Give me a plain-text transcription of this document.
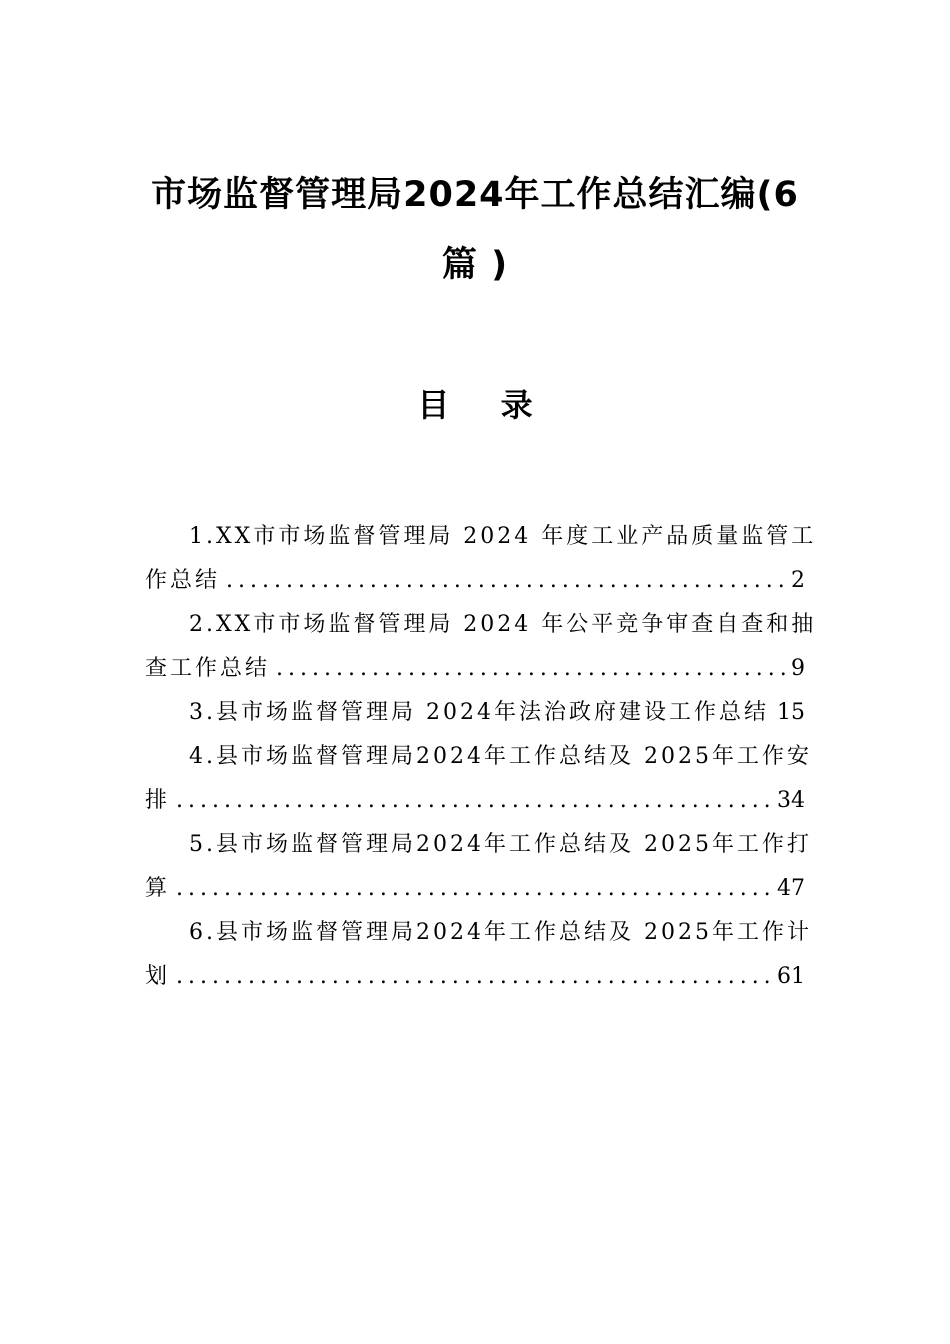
市场监督管理局2024年工作总结汇编(6
篇 )
目 录
1.XX市市场监督管理局 2024 年度工业产品质量监管工
作总结 .....	2
2.XX市市场监督管理局 2024 年公平竞争审查自查和抽
查工作总结 .....	9
3.县市场监督管理局 2024年法治政府建设工作总结 15
4.县市场监督管理局2024年工作总结及 2025年工作安
排 .....	34
5.县市场监督管理局2024年工作总结及 2025年工作打
算 .....	47
6.县市场监督管理局2024年工作总结及 2025年工作计
划 .....	61
